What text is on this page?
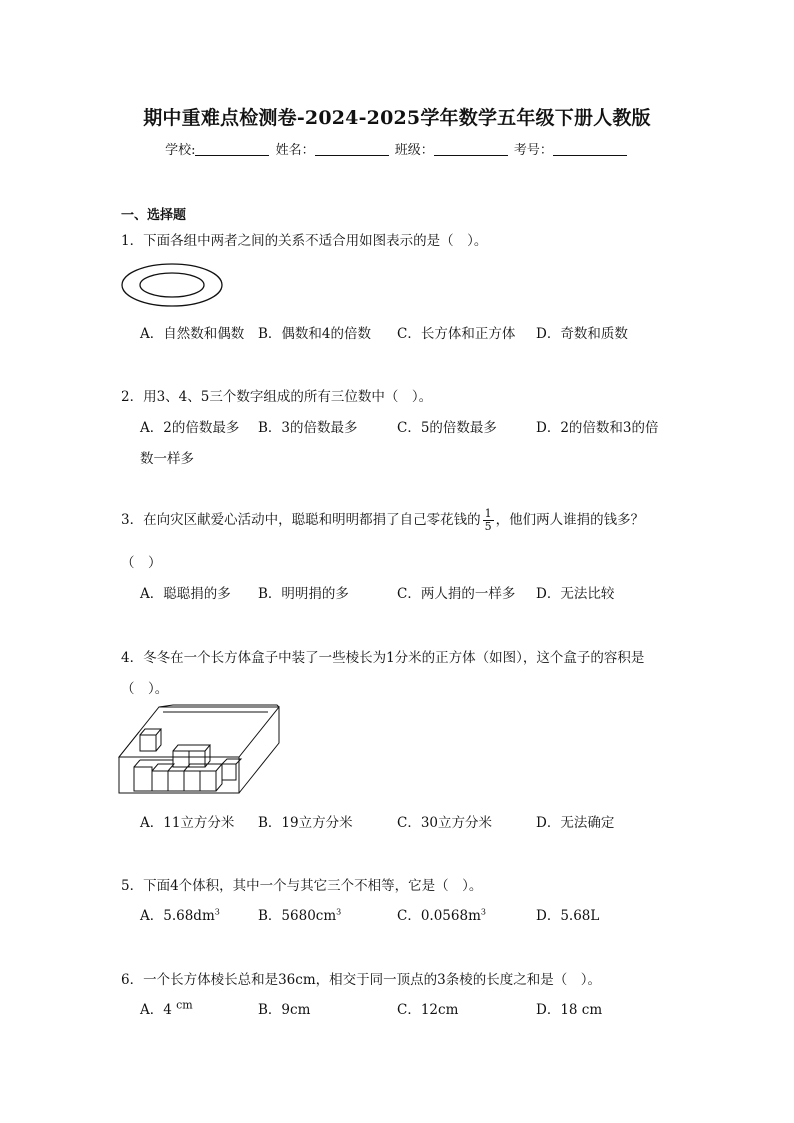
期中重难点检测卷-2024-2025学年数学五年级下册人教版
学校:	姓名：	班级：	考号：
一、选择题
1．下面各组中两者之间的关系不适合用如图表示的是（　）。
A．自然数和偶数 B．偶数和4的倍数 C．长方体和正方体 D．奇数和质数
2．用3、4、5三个数字组成的所有三位数中（　）。
A．2的倍数最多 B．3的倍数最多	C．5的倍数最多	D．2的倍数和3的倍
数一样多
3．在向灾区献爱心活动中，聪聪和明明都捐了自己零花钱的 $\frac{1}{5}$ ，他们两人谁捐的钱多？
（　）
A．聪聪捐的多 B．明明捐的多	C．两人捐的一样多 D．无法比较
4．冬冬在一个长方体盒子中装了一些棱长为1分米的正方体（如图），这个盒子的容积是
（　）。
A．11立方分米 B．19立方分米	C．30立方分米	D．无法确定
5．下面4个体积，其中一个与其它三个不相等，它是（　）。
A．$5.68dm^3$	B．$5680cm^3$	C．$0.0568m^3$	D．5.68L
6．一个长方体棱长总和是36cm，相交于同一顶点的3条棱的长度之和是（　）。
A．4 $^{cm}$	B．9cm	C．12cm	D．18 cm
